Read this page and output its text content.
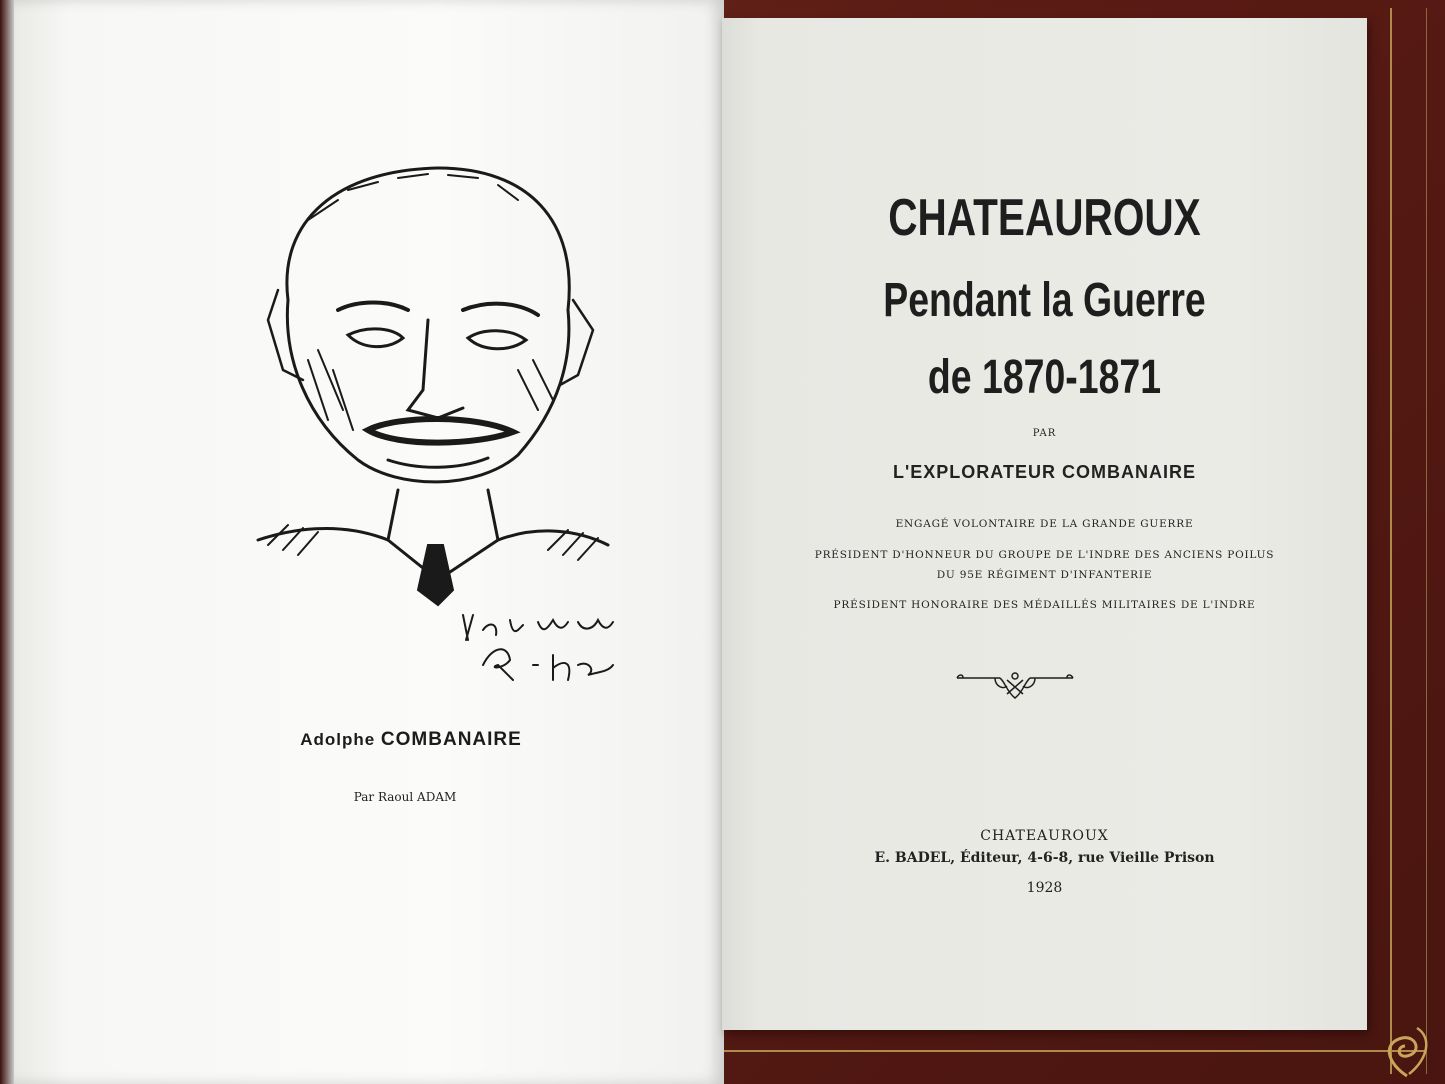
Adolphe COMBANAIRE
Par Raoul ADAM
CHATEAUROUX
Pendant la Guerre
de 1870-1871
PAR
L'EXPLORATEUR COMBANAIRE
ENGAGÉ VOLONTAIRE DE LA GRANDE GUERRE
PRÉSIDENT D'HONNEUR DU GROUPE DE L'INDRE DES ANCIENS POILUS
DU 95E RÉGIMENT D'INFANTERIE
PRÉSIDENT HONORAIRE DES MÉDAILLÉS MILITAIRES DE L'INDRE
CHATEAUROUX
E. BADEL, Éditeur, 4-6-8, rue Vieille Prison
1928
